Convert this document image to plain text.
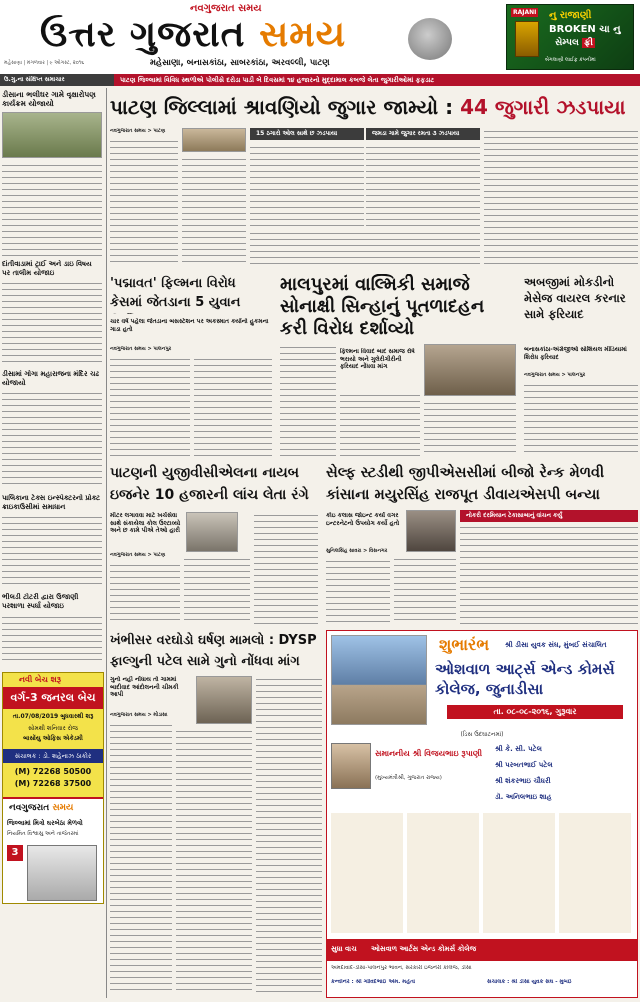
નવગુજરાત સમય
ઉત્તર ગુજરાત સમય
મહેસાણા, બનાસકાંઠા, સાબરકાંઠા, અરવલ્લી, પાટણ
મહેસાણા | મંગળવાર | ૯ ઓગસ્ટ, ૨૦૧૬
RAJANI નુ રાજાણી
BROKEN ચા નુ
સેમ્પલ ફ્રી
બેગલાણી લાઈફ કંપનીમાં
ઉ.ગુ.ના સંક્ષિપ્ત સમાચાર	પાટણ જિલ્લામાં વિવિધ સ્થળોએ પોલીસે દરોડા પાડી બે દિવસમાં ૧૪ હજારનો મુદ્દામાલ કબજે લેતા જુગારીઓમાં ફફડાટ
ડીસાના ભલીઘર ગામે વૃક્ષારોપણ કાર્યક્રમ યોજાયો
દાંતીવાડામાં ટ્રાઈ અને ડાઇ વિષય પર તાલીમ યોજાઇ
ડીસામાં ગોગા મહારાજના મંદિર ચઢ યોજાયો
પાલિકાના ટેક્સ ઇન્સ્પેક્ટરનો પ્રોક્ટ ક્રાઇકાઉસીમાં સમાધાન
ભીલડી ટોટરી દ્વારા ઉજાણી પરશાળા સ્પર્ધા યોજાઇ
પાટણ જિલ્લામાં શ્રાવણિયો જુગાર જામ્યો : 44 જુગારી ઝડપાયા
નવગુજરાત સમય > પાટણ	15 ઠગારો ઓલ સાથે છ ઝડપાયા	જમડા ગામે જુગાર રમતા ૩ ઝડપાયા
'પદ્માવત' ફિલ્મના વિરોધ કેસમાં જેતડાના 5 યુવાન
ચાર વર્ષ પહેલા જેતડાના બસસ્ટેશન પર અકસ્માત કર્યાનો હુકમના ગાડા હતો
નવગુજરાત સમય > પાલનપુર
માલપુરમાં વાલ્મિકી સમાજે સોનાક્ષી સિન્હાનું પૂતળાદહન કરી વિરોધ દર્શાવ્યો
ફિલ્મના વિવાદ બાદ સમાજ રોષે ભરાયો અને ગુલેરીગીરીની ફરિયાદ નોંધવા માંગ
અબજીમાં મોકડીનો મેસેજ વાયરલ કરનાર સામે ફરિયાદ
બનાસકાંઠા-અંગ્રેજીઓ સોશિયલ મીડિયામાં શિરોધ ફરિયાદ
નવગુજરાત સમય > પાલનપુર
પાટણની યુજીવીસીએલના નાયબ ઇજનેર 10 હજારની લાંચ લેતા રંગે
મીટર લગાવવા માટે ખર્ચસેવા સાથે સંકાયેલા કોલ ઉલ્ટાવ્યો અને છ કામે પીએ તેઓ હારી
નવગુજરાત સમય > પાટણ
સેલ્ફ સ્ટડીથી જીપીએસસીમાં બીજો રેન્ક મેળવી કાંસાના મયુરસિંહ રાજપૂત ડીવાયએસપી બન્યા
કોઇ કલાસ જોઇન્ટ કર્યા વગર ઇન્ટરનેટનો ઉપયોગ કર્યો હતો
સુનિલસિંહ સાવરા > વિસનગર
નોકરી દરમિયાન ટેકાસાબાનું વાંચન કર્યું
ખંભીસર વરઘોડો ઘર્ષણ મામલો : DYSP ફાલ્ગુની પટેલ સામે ગુનો નોંધવા માંગ
ગુનો નહી નોંધાય તો ગામમાં બાદીવાદ આંદોલનની ચીમકી આપી
નવગુજરાત સમય > મોડાસા
નવી બેચ શરૂ
વર્ગ-3 જનરલ બેચ
તા.07/08/2019 બુધવારથી શરૂ
સોમથી શનિવાર રોજ
બાસોંયુ ઓફિસ એકેડમી
સંચાલક : ડો. શહેનાઝ ઠાકોર
(M) 72268 50500
(M) 72268 37500
નવગુજરાત સમય
જિલ્લામાં મિત્રો ઘરબેઠા મેળવો
નિયમિત વિશ્વાસુ અને તાજેતરમાં
3
શુભારંભ શ્રી ડીસા યુવક સંઘ, મુંબઈ સંચાલિત
ઓશવાળ આર્ટ્સ એન્ડ કોમર્સ કોલેજ, જુનાડીસા
તા. ૦૮-૦૮-૨૦૧૬, ગુરૂવાર
(ડિસ ઉદઘાટનમાં)
સમાનનીય શ્રી વિજયભાઇ રૂપાણી
(મુખ્યમંત્રીશ્રી, ગુજરાત રાજ્ય)
શ્રી કે. સી. પટેલ
શ્રી પરબતભાઈ પટેલ
શ્રી શંકરભાઇ ચૌધરી
ડૉ. અનિલભાઇ શાહ
સુધા વાચ ઓસવાળ આર્ટસ એન્ડ કોમર્સ કોલેજ
અમદાવાદ-ડીસા-પાલનપુર ભાવન, સરકારી ઇજનેરી કોલેજ, ડીસા
કન્વીનર : શ્રી ગોવિંદભાઈ એમ. મહેતા	સંચાલક : શ્રી ડીસા યુવક સંઘ - મુંબઈ
